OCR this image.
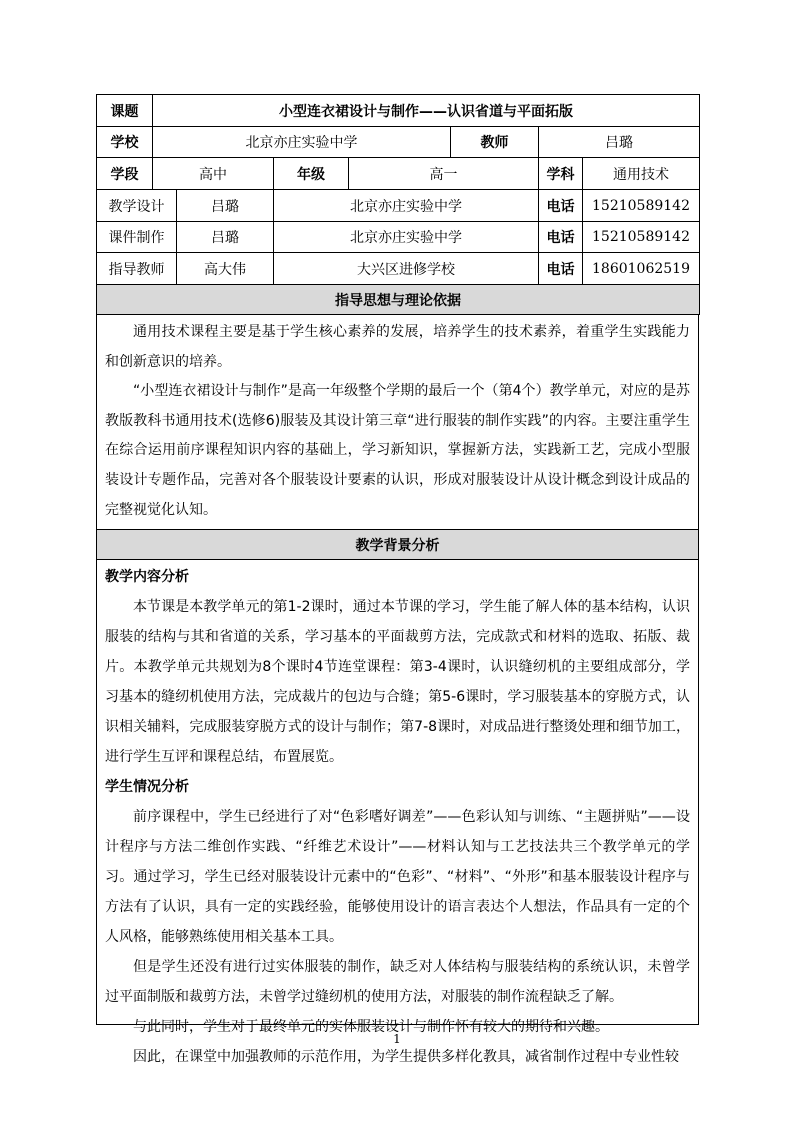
课题	小型连衣裙设计与制作——认识省道与平面拓版						
学校	北京亦庄实验中学				教师	吕璐	
学段	高中		年级	高一		学科	通用技术
教学设计		吕璐	北京亦庄实验中学			电话	15210589142
课件制作		吕璐	北京亦庄实验中学			电话	15210589142
指导教师		高大伟	大兴区进修学校			电话	18601062519
指导思想与理论依据							

通用技术课程主要是基于学生核心素养的发展，培养学生的技术素养，着重学生实践能力和创新意识的培养。

“小型连衣裙设计与制作”是高一年级整个学期的最后一个（第4个）教学单元，对应的是苏教版教科书通用技术(选修6)服装及其设计第三章“进行服装的制作实践”的内容。主要注重学生在综合运用前序课程知识内容的基础上，学习新知识，掌握新方法，实践新工艺，完成小型服装设计专题作品，完善对各个服装设计要素的认识，形成对服装设计从设计概念到设计成品的完整视觉化认知。

教学背景分析
教学内容分析

本节课是本教学单元的第1-2课时，通过本节课的学习，学生能了解人体的基本结构，认识服装的结构与其和省道的关系，学习基本的平面裁剪方法，完成款式和材料的选取、拓版、裁片。本教学单元共规划为8个课时4节连堂课程：第3-4课时，认识缝纫机的主要组成部分，学习基本的缝纫机使用方法，完成裁片的包边与合缝；第5-6课时，学习服装基本的穿脱方式，认识相关辅料，完成服装穿脱方式的设计与制作；第7-8课时，对成品进行整烫处理和细节加工，进行学生互评和课程总结，布置展览。

学生情况分析

前序课程中，学生已经进行了对“色彩嗜好调差”——色彩认知与训练、“主题拼贴”——设计程序与方法二维创作实践、“纤维艺术设计”——材料认知与工艺技法共三个教学单元的学习。通过学习，学生已经对服装设计元素中的“色彩”、“材料”、“外形”和基本服装设计程序与方法有了认识，具有一定的实践经验，能够使用设计的语言表达个人想法，作品具有一定的个人风格，能够熟练使用相关基本工具。

但是学生还没有进行过实体服装的制作，缺乏对人体结构与服装结构的系统认识，未曾学过平面制版和裁剪方法，未曾学过缝纫机的使用方法，对服装的制作流程缺乏了解。

与此同时，学生对于最终单元的实体服装设计与制作怀有较大的期待和兴趣。

因此，在课堂中加强教师的示范作用，为学生提供多样化教具，减省制作过程中专业性较

1
